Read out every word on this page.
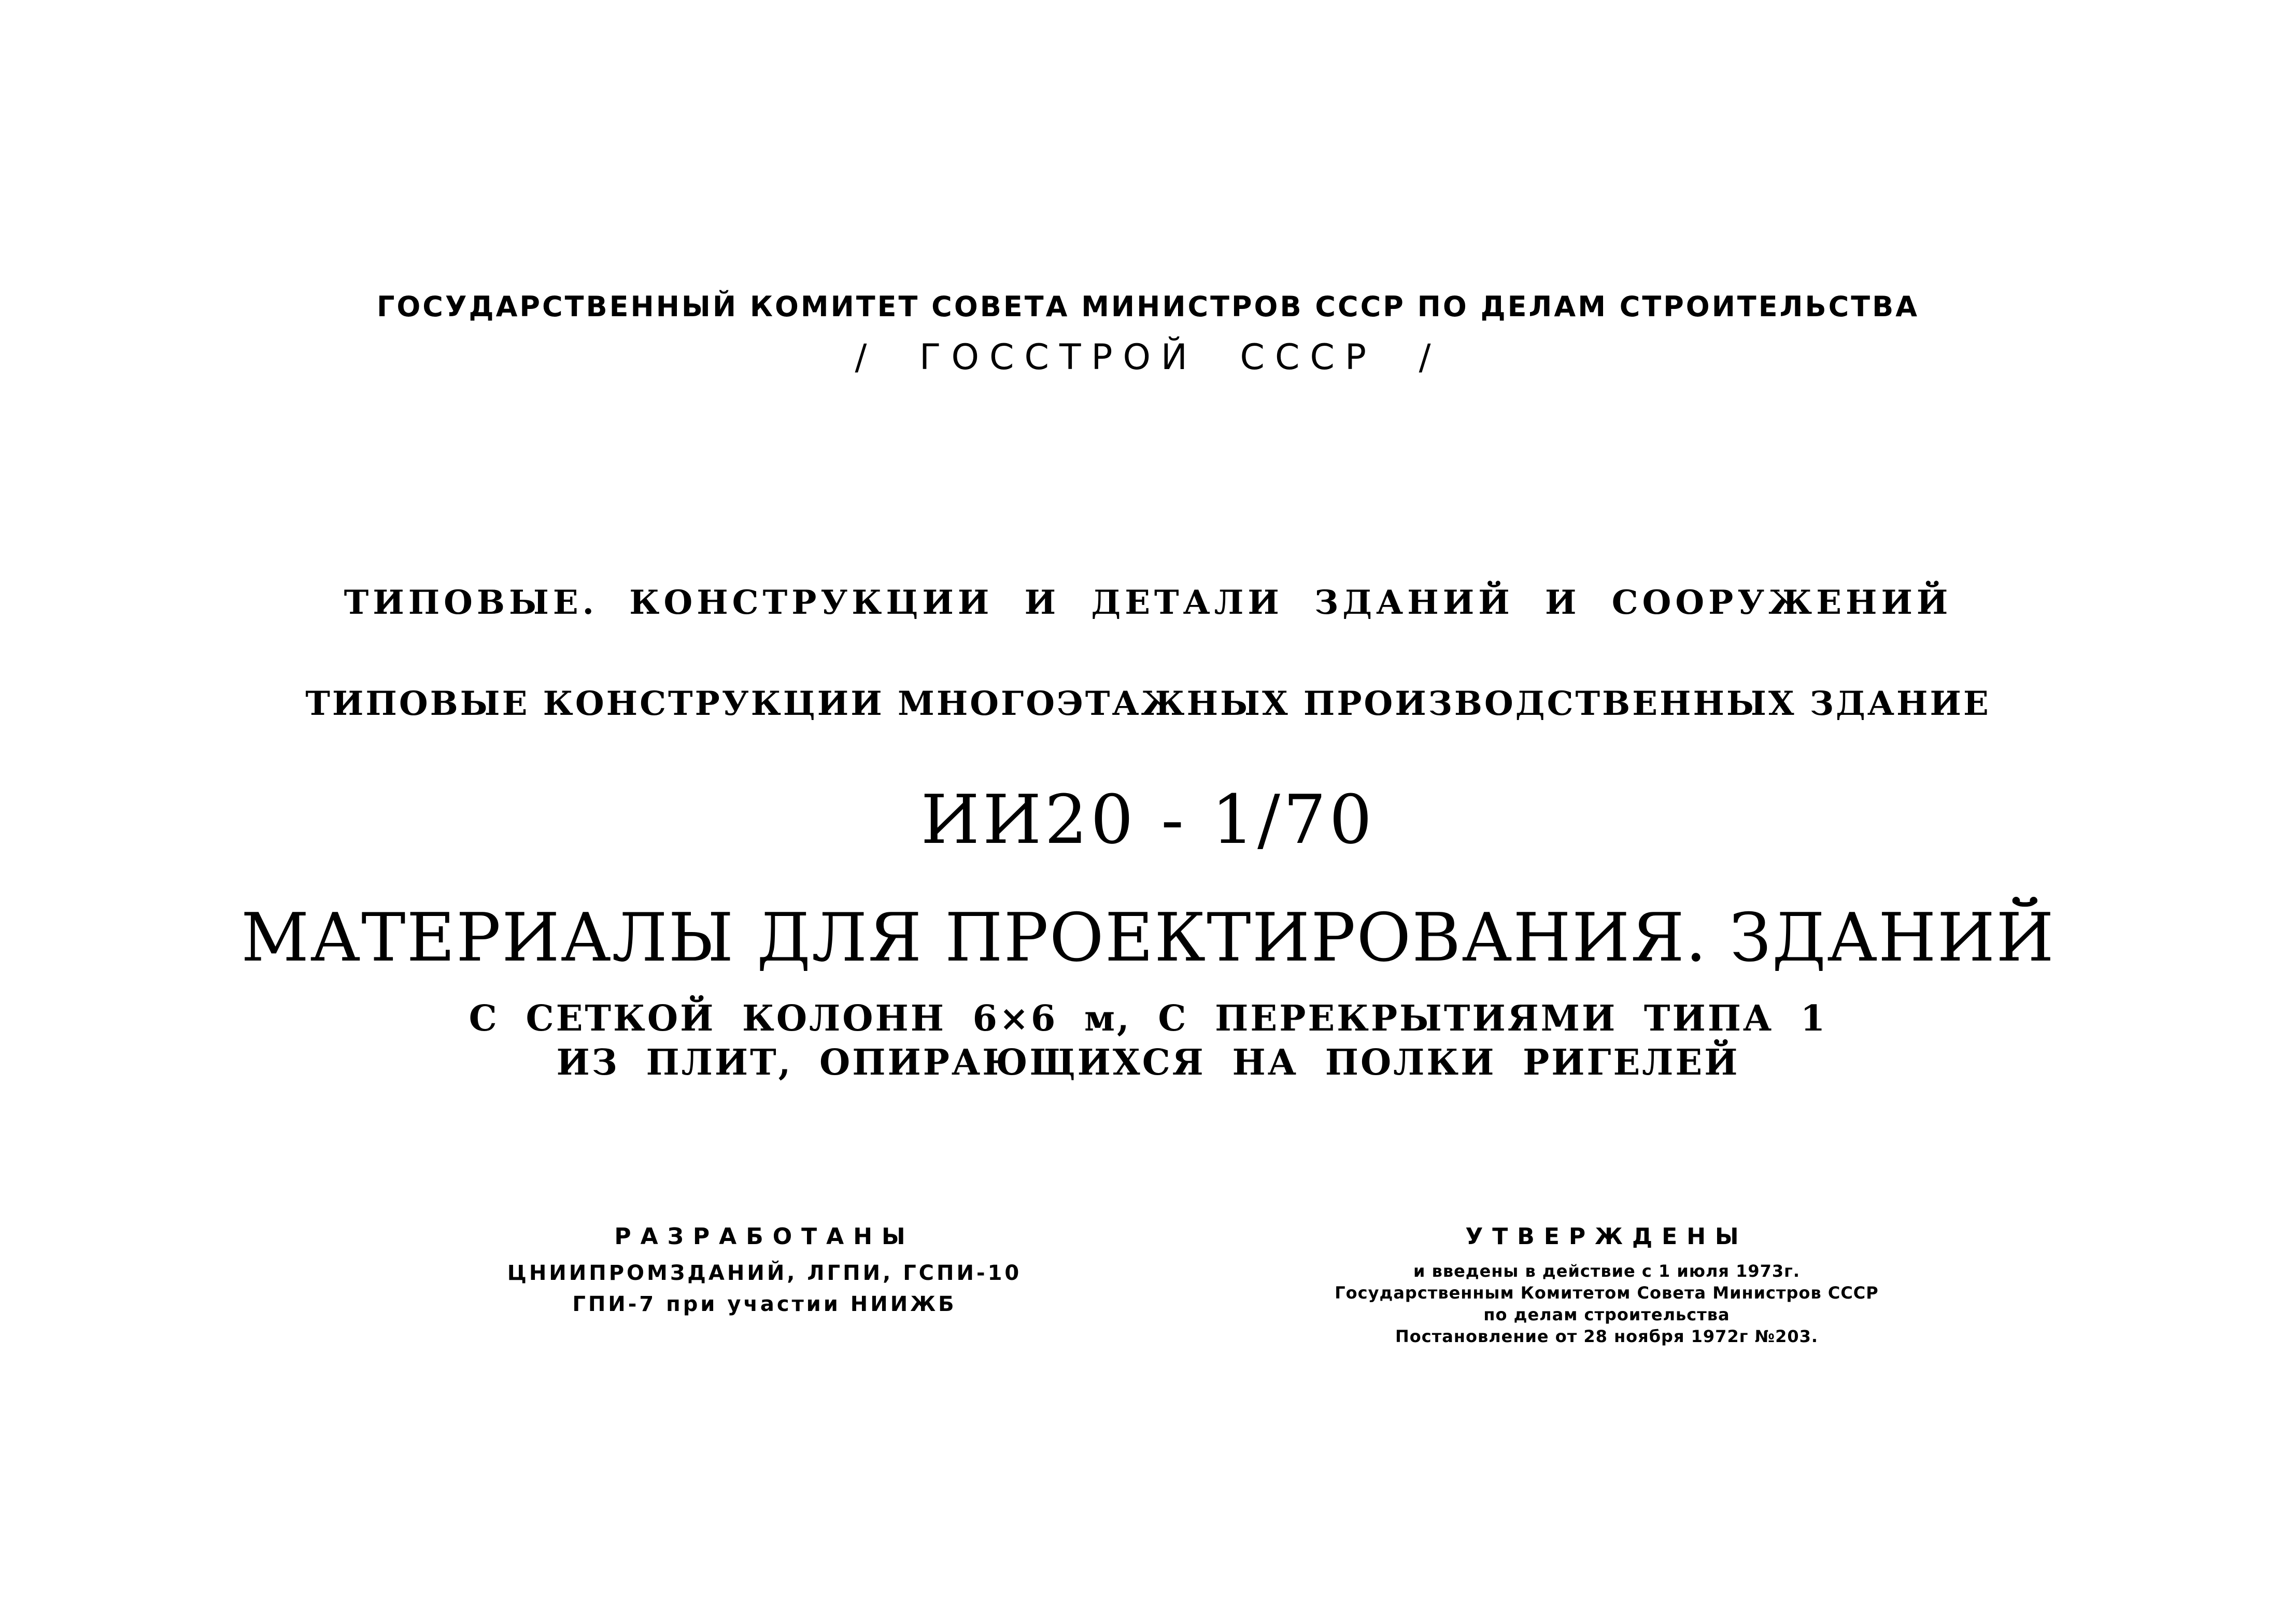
ГОСУДАРСТВЕННЫЙ КОМИТЕТ СОВЕТА МИНИСТРОВ СССР ПО ДЕЛАМ СТРОИТЕЛЬСТВА

/ ГОССТРОЙ СССР /

ТИПОВЫЕ. КОНСТРУКЦИИ И ДЕТАЛИ ЗДАНИЙ И СООРУЖЕНИЙ

ТИПОВЫЕ КОНСТРУКЦИИ МНОГОЭТАЖНЫХ ПРОИЗВОДСТВЕННЫХ ЗДАНИЕ

ИИ20 - 1/70

МАТЕРИАЛЫ ДЛЯ ПРОЕКТИРОВАНИЯ. ЗДАНИЙ

С СЕТКОЙ КОЛОНН 6×6 м, С ПЕРЕКРЫТИЯМИ ТИПА 1

ИЗ ПЛИТ, ОПИРАЮЩИХСЯ НА ПОЛКИ РИГЕЛЕЙ

РАЗРАБОТАНЫ

ЦНИИПРОМЗДАНИЙ, ЛГПИ, ГСПИ-10

ГПИ-7 при участии НИИЖБ

УТВЕРЖДЕНЫ

и введены в действие с 1 июля 1973г.

Государственным Комитетом Совета Министров СССР

по делам строительства

Постановление от 28 ноября 1972г №203.
